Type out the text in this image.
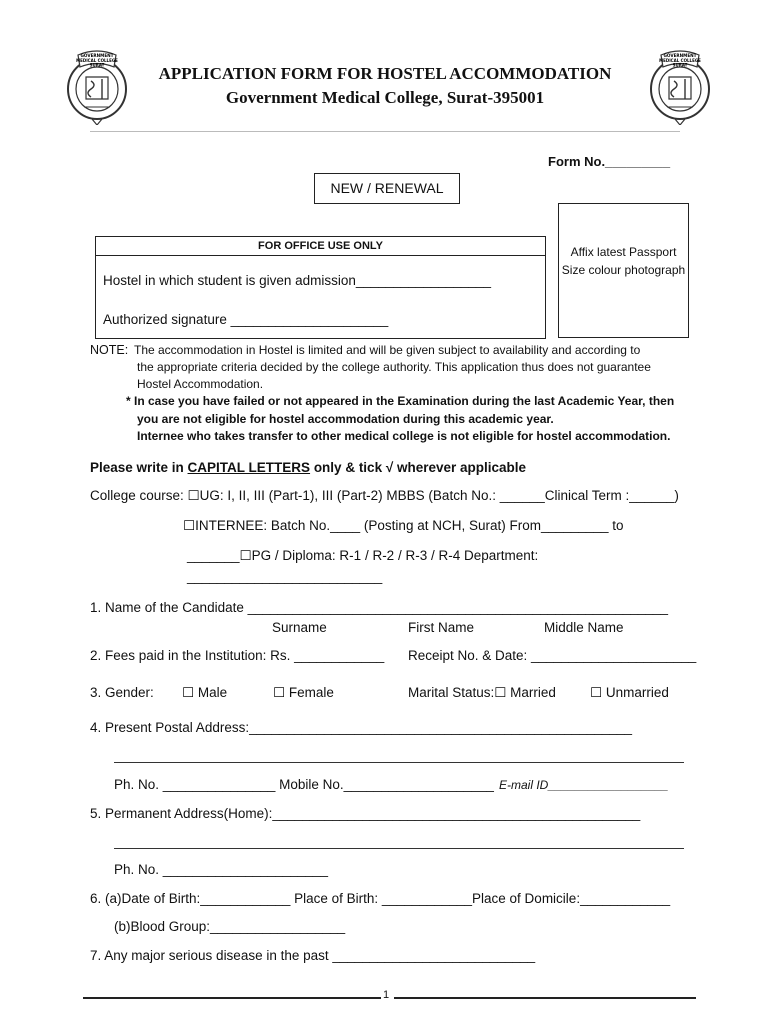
GOVERNMENT
MEDICAL COLLEGE
SURAT
GOVERNMENT
MEDICAL COLLEGE
SURAT
APPLICATION FORM FOR HOSTEL ACCOMMODATION
Government Medical College, Surat-395001
Form No._________
NEW / RENEWAL
FOR OFFICE USE ONLY
Hostel in which student is given admission__________________
Authorized signature _____________________
Affix latest Passport Size colour photograph
NOTE: The accommodation in Hostel is limited and will be given subject to availability and according to
the appropriate criteria decided by the college authority. This application thus does not guarantee
Hostel Accommodation.
* In case you have failed or not appeared in the Examination during the last Academic Year, then
you are not eligible for hostel accommodation during this academic year.
Internee who takes transfer to other medical college is not eligible for hostel accommodation.
Please write in CAPITAL LETTERS only & tick √ wherever applicable
College course: ☐UG: I, II, III (Part-1), III (Part-2) MBBS (Batch No.: ______Clinical Term :______)
☐INTERNEE: Batch No.____ (Posting at NCH, Surat) From_________ to
_______☐PG / Diploma: R-1 / R-2 / R-3 / R-4 Department:
__________________________
1. Name of the Candidate ________________________________________________________
Surname	First Name	Middle Name
2. Fees paid in the Institution: Rs. ____________ Receipt No. & Date: ______________________
3. Gender: ☐ Male	☐ Female	Marital Status:☐ Married	☐ Unmarried
4. Present Postal Address:___________________________________________________
Ph. No. _______________ Mobile No.____________________ E-mail ID__________________
5. Permanent Address(Home):_________________________________________________
Ph. No. ______________________
6. (a)Date of Birth:____________ Place of Birth: ____________Place of Domicile:____________
(b)Blood Group:__________________
7. Any major serious disease in the past ___________________________
1
